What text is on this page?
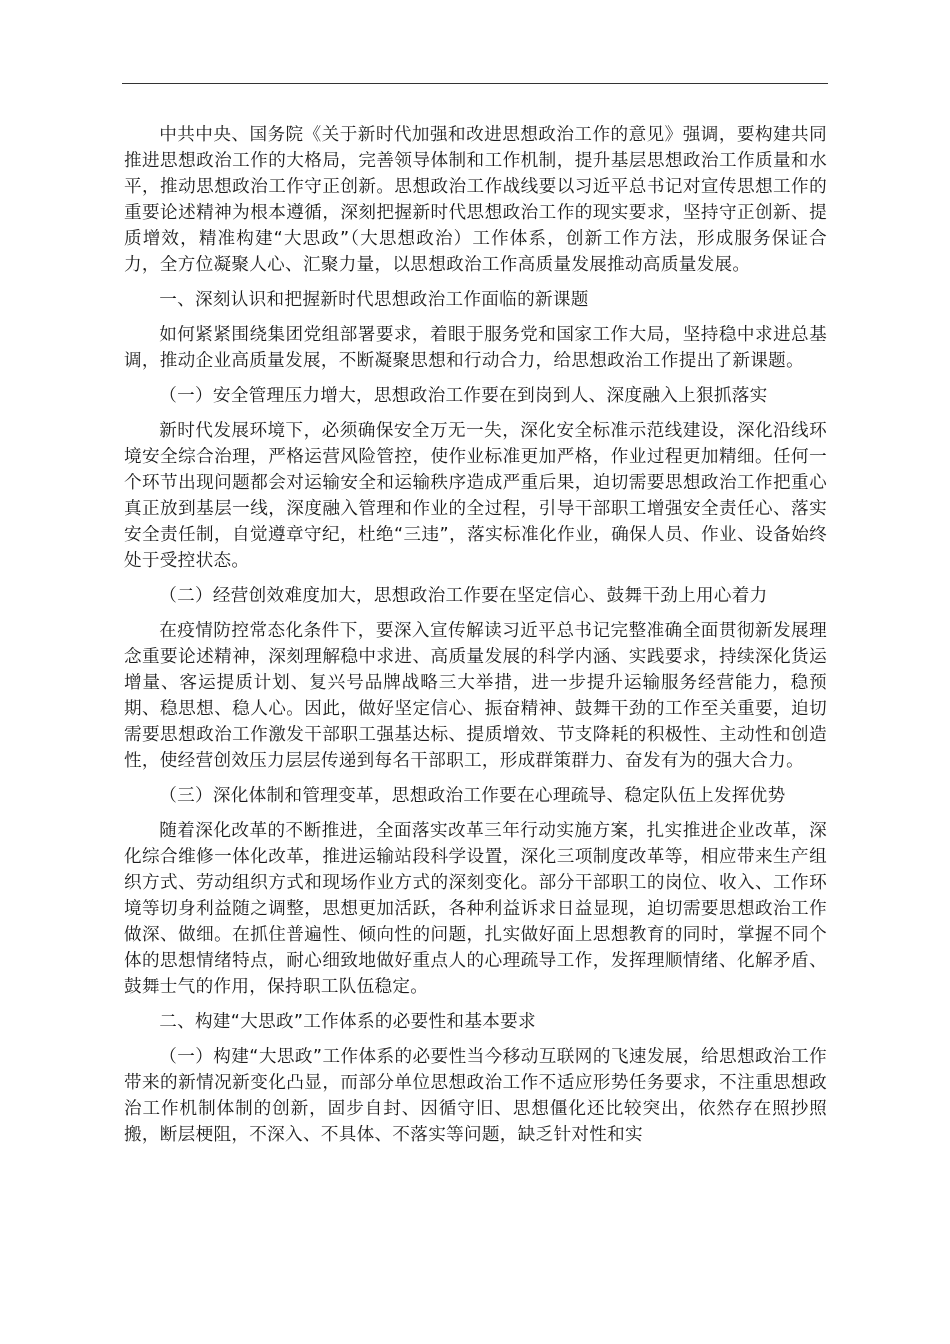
中共中央、国务院《关于新时代加强和改进思想政治工作的意见》强调，要构建共同推进思想政治工作的大格局，完善领导体制和工作机制，提升基层思想政治工作质量和水平，推动思想政治工作守正创新。思想政治工作战线要以习近平总书记对宣传思想工作的重要论述精神为根本遵循，深刻把握新时代思想政治工作的现实要求，坚持守正创新、提质增效，精准构建“大思政”（大思想政治）工作体系，创新工作方法，形成服务保证合力，全方位凝聚人心、汇聚力量，以思想政治工作高质量发展推动高质量发展。

一、深刻认识和把握新时代思想政治工作面临的新课题

如何紧紧围绕集团党组部署要求，着眼于服务党和国家工作大局，坚持稳中求进总基调，推动企业高质量发展，不断凝聚思想和行动合力，给思想政治工作提出了新课题。

（一）安全管理压力增大，思想政治工作要在到岗到人、深度融入上狠抓落实

新时代发展环境下，必须确保安全万无一失，深化安全标准示范线建设，深化沿线环境安全综合治理，严格运营风险管控，使作业标准更加严格，作业过程更加精细。任何一个环节出现问题都会对运输安全和运输秩序造成严重后果，迫切需要思想政治工作把重心真正放到基层一线，深度融入管理和作业的全过程，引导干部职工增强安全责任心、落实安全责任制，自觉遵章守纪，杜绝“三违”，落实标准化作业，确保人员、作业、设备始终处于受控状态。

（二）经营创效难度加大，思想政治工作要在坚定信心、鼓舞干劲上用心着力

在疫情防控常态化条件下，要深入宣传解读习近平总书记完整准确全面贯彻新发展理念重要论述精神，深刻理解稳中求进、高质量发展的科学内涵、实践要求，持续深化货运增量、客运提质计划、复兴号品牌战略三大举措，进一步提升运输服务经营能力，稳预期、稳思想、稳人心。因此，做好坚定信心、振奋精神、鼓舞干劲的工作至关重要，迫切需要思想政治工作激发干部职工强基达标、提质增效、节支降耗的积极性、主动性和创造性，使经营创效压力层层传递到每名干部职工，形成群策群力、奋发有为的强大合力。

（三）深化体制和管理变革，思想政治工作要在心理疏导、稳定队伍上发挥优势

随着深化改革的不断推进，全面落实改革三年行动实施方案，扎实推进企业改革，深化综合维修一体化改革，推进运输站段科学设置，深化三项制度改革等，相应带来生产组织方式、劳动组织方式和现场作业方式的深刻变化。部分干部职工的岗位、收入、工作环境等切身利益随之调整，思想更加活跃，各种利益诉求日益显现，迫切需要思想政治工作做深、做细。在抓住普遍性、倾向性的问题，扎实做好面上思想教育的同时，掌握不同个体的思想情绪特点，耐心细致地做好重点人的心理疏导工作，发挥理顺情绪、化解矛盾、鼓舞士气的作用，保持职工队伍稳定。

二、构建“大思政”工作体系的必要性和基本要求

（一）构建“大思政”工作体系的必要性当今移动互联网的飞速发展，给思想政治工作带来的新情况新变化凸显，而部分单位思想政治工作不适应形势任务要求，不注重思想政治工作机制体制的创新，固步自封、因循守旧、思想僵化还比较突出，依然存在照抄照搬，断层梗阻，不深入、不具体、不落实等问题，缺乏针对性和实
